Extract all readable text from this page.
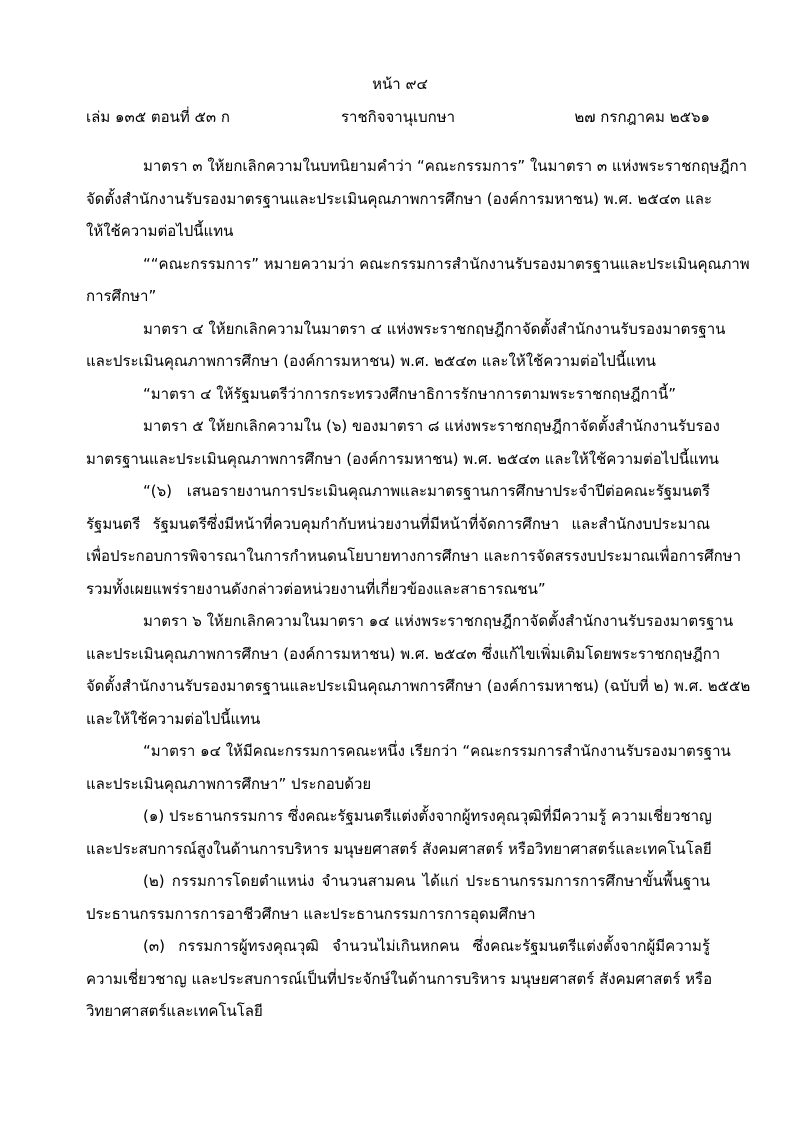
หน้า ๙๔
เล่ม ๑๓๕ ตอนที่ ๕๓ ก	ราชกิจจานุเบกษา	๒๗ กรกฎาคม ๒๕๖๑
มาตรา ๓ ให้ยกเลิกความในบทนิยามคำว่า “คณะกรรมการ” ในมาตรา ๓ แห่งพระราชกฤษฎีกา
จัดตั้งสำนักงานรับรองมาตรฐานและประเมินคุณภาพการศึกษา (องค์การมหาชน) พ.ศ. ๒๕๔๓ และ
ให้ใช้ความต่อไปนี้แทน
““คณะกรรมการ” หมายความว่า คณะกรรมการสำนักงานรับรองมาตรฐานและประเมินคุณภาพ
การศึกษา”
มาตรา ๔ ให้ยกเลิกความในมาตรา ๔ แห่งพระราชกฤษฎีกาจัดตั้งสำนักงานรับรองมาตรฐาน
และประเมินคุณภาพการศึกษา (องค์การมหาชน) พ.ศ. ๒๕๔๓ และให้ใช้ความต่อไปนี้แทน
“มาตรา ๔ ให้รัฐมนตรีว่าการกระทรวงศึกษาธิการรักษาการตามพระราชกฤษฎีกานี้”
มาตรา ๕ ให้ยกเลิกความใน (๖) ของมาตรา ๘ แห่งพระราชกฤษฎีกาจัดตั้งสำนักงานรับรอง
มาตรฐานและประเมินคุณภาพการศึกษา (องค์การมหาชน) พ.ศ. ๒๕๔๓ และให้ใช้ความต่อไปนี้แทน
“(๖) เสนอรายงานการประเมินคุณภาพและมาตรฐานการศึกษาประจำปีต่อคณะรัฐมนตรี
รัฐมนตรี รัฐมนตรีซึ่งมีหน้าที่ควบคุมกำกับหน่วยงานที่มีหน้าที่จัดการศึกษา และสำนักงบประมาณ
เพื่อประกอบการพิจารณาในการกำหนดนโยบายทางการศึกษา และการจัดสรรงบประมาณเพื่อการศึกษา
รวมทั้งเผยแพร่รายงานดังกล่าวต่อหน่วยงานที่เกี่ยวข้องและสาธารณชน”
มาตรา ๖ ให้ยกเลิกความในมาตรา ๑๔ แห่งพระราชกฤษฎีกาจัดตั้งสำนักงานรับรองมาตรฐาน
และประเมินคุณภาพการศึกษา (องค์การมหาชน) พ.ศ. ๒๕๔๓ ซึ่งแก้ไขเพิ่มเติมโดยพระราชกฤษฎีกา
จัดตั้งสำนักงานรับรองมาตรฐานและประเมินคุณภาพการศึกษา (องค์การมหาชน) (ฉบับที่ ๒) พ.ศ. ๒๕๕๒
และให้ใช้ความต่อไปนี้แทน
“มาตรา ๑๔ ให้มีคณะกรรมการคณะหนึ่ง เรียกว่า “คณะกรรมการสำนักงานรับรองมาตรฐาน
และประเมินคุณภาพการศึกษา” ประกอบด้วย
(๑) ประธานกรรมการ ซึ่งคณะรัฐมนตรีแต่งตั้งจากผู้ทรงคุณวุฒิที่มีความรู้ ความเชี่ยวชาญ
และประสบการณ์สูงในด้านการบริหาร มนุษยศาสตร์ สังคมศาสตร์ หรือวิทยาศาสตร์และเทคโนโลยี
(๒) กรรมการโดยตำแหน่ง จำนวนสามคน ได้แก่ ประธานกรรมการการศึกษาขั้นพื้นฐาน
ประธานกรรมการการอาชีวศึกษา และประธานกรรมการการอุดมศึกษา
(๓) กรรมการผู้ทรงคุณวุฒิ จำนวนไม่เกินหกคน ซึ่งคณะรัฐมนตรีแต่งตั้งจากผู้มีความรู้
ความเชี่ยวชาญ และประสบการณ์เป็นที่ประจักษ์ในด้านการบริหาร มนุษยศาสตร์ สังคมศาสตร์ หรือ
วิทยาศาสตร์และเทคโนโลยี
